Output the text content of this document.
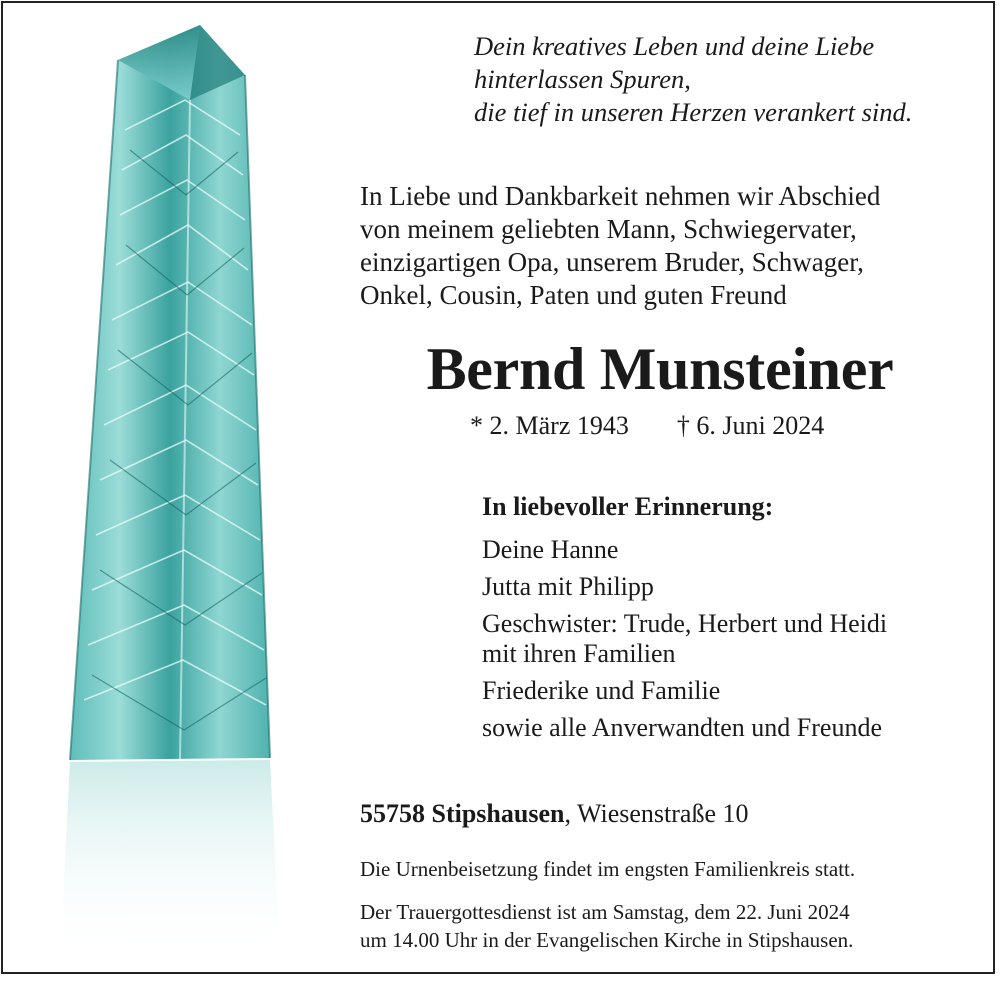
Dein kreatives Leben und deine Liebe
hinterlassen Spuren,
die tief in unseren Herzen verankert sind.
In Liebe und Dankbarkeit nehmen wir Abschied
von meinem geliebten Mann, Schwiegervater,
einzigartigen Opa, unserem Bruder, Schwager,
Onkel, Cousin, Paten und guten Freund
Bernd Munsteiner
* 2. März 1943 † 6. Juni 2024
In liebevoller Erinnerung:
Deine Hanne
Jutta mit Philipp
Geschwister: Trude, Herbert und Heidi
mit ihren Familien
Friederike und Familie
sowie alle Anverwandten und Freunde
55758 Stipshausen, Wiesenstraße 10
Die Urnenbeisetzung findet im engsten Familienkreis statt.
Der Trauergottesdienst ist am Samstag, dem 22. Juni 2024
um 14.00 Uhr in der Evangelischen Kirche in Stipshausen.
